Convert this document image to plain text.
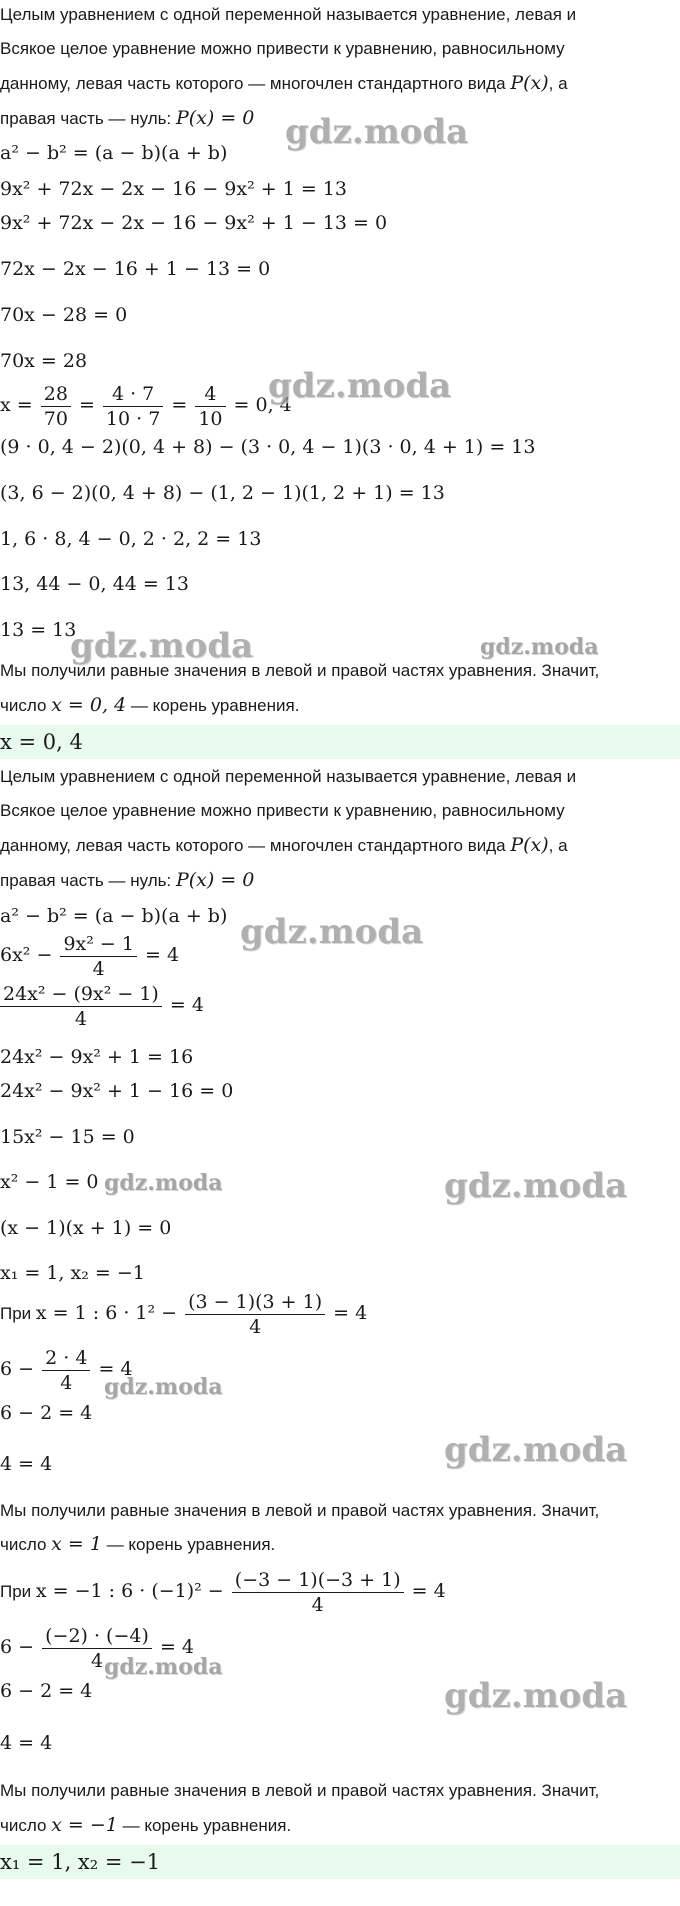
Целым уравнением с одной переменной называется уравнение, левая и
Всякое целое уравнение можно привести к уравнению, равносильному
данному, левая часть которого — многочлен стандартного вида P(x), а
правая часть — нуль: P(x) = 0
a² − b² = (a − b)(a + b)
9x² + 72x − 2x − 16 − 9x² + 1 = 13
9x² + 72x − 2x − 16 − 9x² + 1 − 13 = 0
72x − 2x − 16 + 1 − 13 = 0
70x − 28 = 0
70x = 28
$x = \frac{28}{70} = \frac{4 \cdot 7}{10 \cdot 7} = \frac{4}{10} = 0$, 4
(9 · 0, 4 − 2)(0, 4 + 8) − (3 · 0, 4 − 1)(3 · 0, 4 + 1) = 13
(3, 6 − 2)(0, 4 + 8) − (1, 2 − 1)(1, 2 + 1) = 13
1, 6 · 8, 4 − 0, 2 · 2, 2 = 13
13, 44 − 0, 44 = 13
13 = 13
Мы получили равные значения в левой и правой частях уравнения. Значит,
число x = 0, 4 — корень уравнения.
x = 0, 4
Целым уравнением с одной переменной называется уравнение, левая и
Всякое целое уравнение можно привести к уравнению, равносильному
данному, левая часть которого — многочлен стандартного вида P(x), а
правая часть — нуль: P(x) = 0
a² − b² = (a − b)(a + b)
$6x^2 - \frac{\text{9x² − 1}}{4} = 4$
$\frac{\text{24x² − (9x² − 1)}}{4} = 4$
24x² − 9x² + 1 = 16
24x² − 9x² + 1 − 16 = 0
15x² − 15 = 0
x² − 1 = 0
(x − 1)(x + 1) = 0
x₁ = 1, x₂ = −1
При x = 1 : $6 \cdot 1^2 - \frac{(3 - 1)(3 + 1)}{4} = 4$
$6 - \frac{2 \cdot 4}{4} = 4$
6 − 2 = 4
4 = 4
Мы получили равные значения в левой и правой частях уравнения. Значит,
число x = 1 — корень уравнения.
При x = −1 : $6 \cdot (-1)^2 - \frac{(-3 - 1)(-3 + 1)}{4} = 4$
$6 - \frac{(-2) \cdot (-4)}{4} = 4$
6 − 2 = 4
4 = 4
Мы получили равные значения в левой и правой частях уравнения. Значит,
число x = −1 — корень уравнения.
x₁ = 1, x₂ = −1
gdz.moda
gdz.moda
gdz.moda	gdz.moda
gdz.moda
gdz.moda	gdz.moda
gdz.moda
gdz.moda
gdz.moda
gdz.moda
